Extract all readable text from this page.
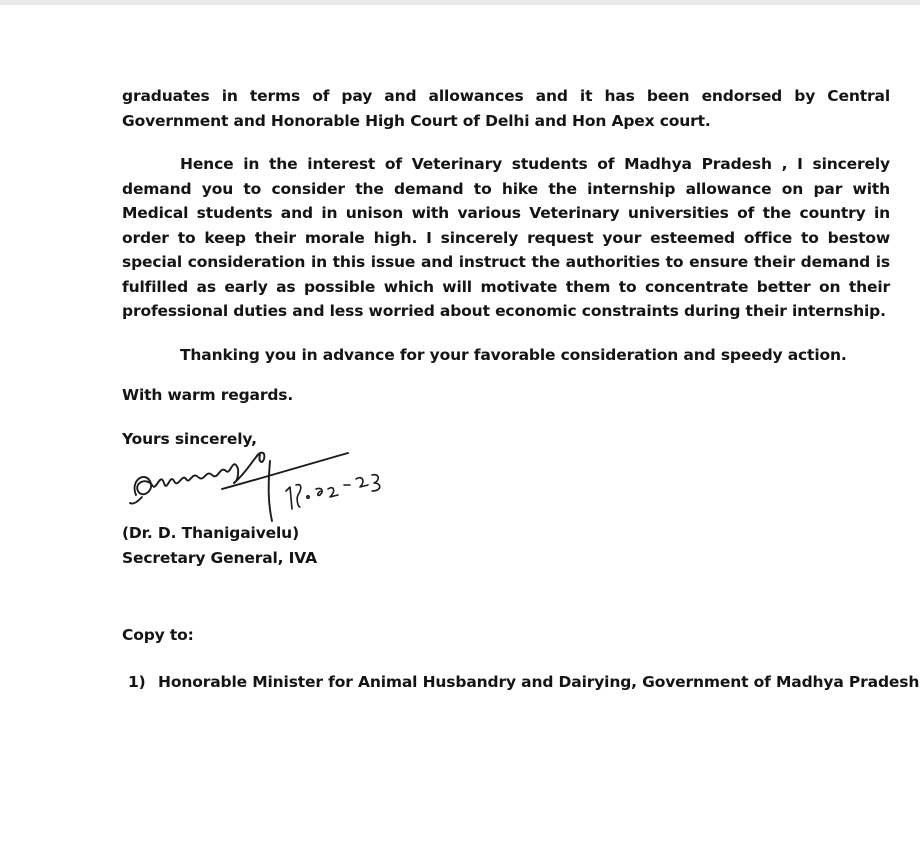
graduates in terms of pay and allowances and it has been endorsed by Central Government and Honorable High Court of Delhi and Hon Apex court.

Hence in the interest of Veterinary students of Madhya Pradesh , I sincerely demand you to consider the demand to hike the internship allowance on par with Medical students and in unison with various Veterinary universities of the country in order to keep their morale high. I sincerely request your esteemed office to bestow special consideration in this issue and instruct the authorities to ensure their demand is fulfilled as early as possible which will motivate them to concentrate better on their professional duties and less worried about economic constraints during their internship.

Thanking you in advance for your favorable consideration and speedy action.

With warm regards.
Yours sincerely,
(Dr. D. Thanigaivelu)
Secretary General, IVA
Copy to:
1) Honorable Minister for Animal Husbandry and Dairying, Government of Madhya Pradesh
